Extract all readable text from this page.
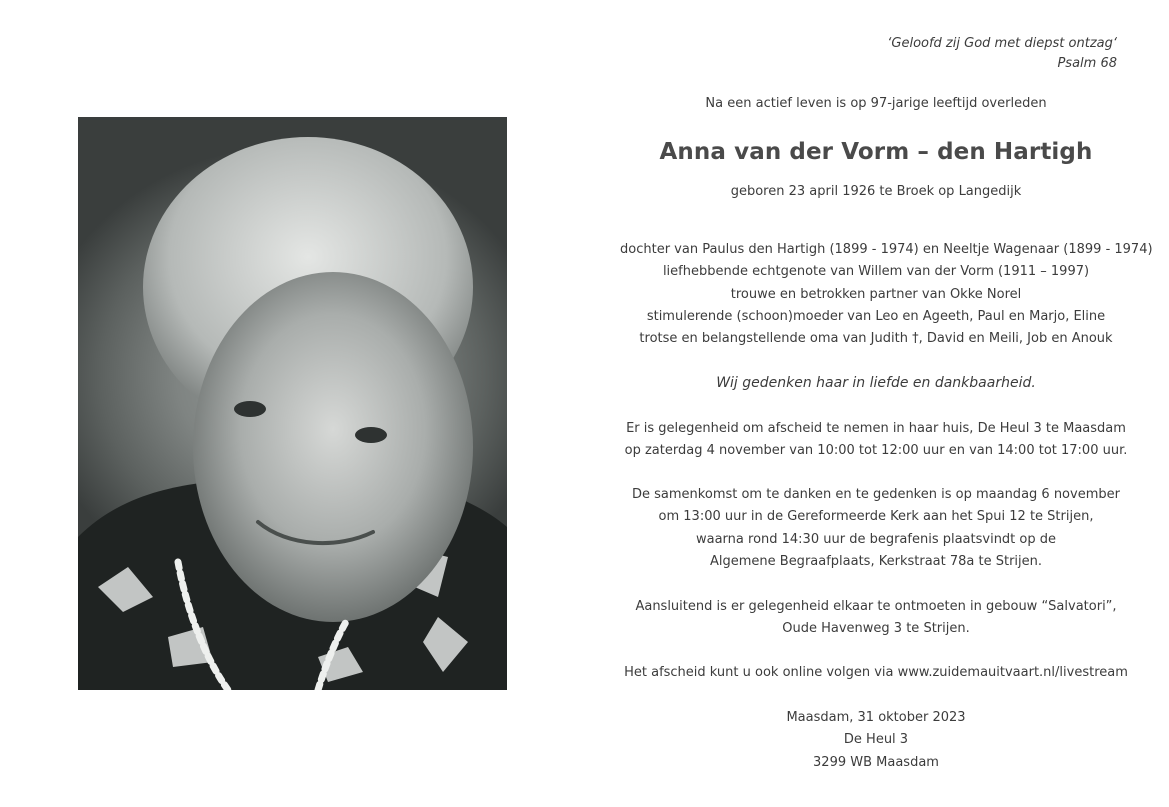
‘Geloofd zij God met diepst ontzag‘
Psalm 68
Na een actief leven is op 97-jarige leeftijd overleden
Anna van der Vorm – den Hartigh
geboren 23 april 1926 te Broek op Langedijk
dochter van Paulus den Hartigh (1899 - 1974) en Neeltje Wagenaar (1899 - 1974)
liefhebbende echtgenote van Willem van der Vorm (1911 – 1997)
trouwe en betrokken partner van Okke Norel
stimulerende (schoon)moeder van Leo en Ageeth, Paul en Marjo, Eline
trotse en belangstellende oma van Judith †, David en Meili, Job en Anouk
Wij gedenken haar in liefde en dankbaarheid.
Er is gelegenheid om afscheid te nemen in haar huis, De Heul 3 te Maasdam
op zaterdag 4 november van 10:00 tot 12:00 uur en van 14:00 tot 17:00 uur.
De samenkomst om te danken en te gedenken is op maandag 6 november
om 13:00 uur in de Gereformeerde Kerk aan het Spui 12 te Strijen,
waarna rond 14:30 uur de begrafenis plaatsvindt op de
Algemene Begraafplaats, Kerkstraat 78a te Strijen.
Aansluitend is er gelegenheid elkaar te ontmoeten in gebouw “Salvatori”,
Oude Havenweg 3 te Strijen.
Het afscheid kunt u ook online volgen via www.zuidemauitvaart.nl/livestream
Maasdam, 31 oktober 2023
De Heul 3
3299 WB Maasdam
